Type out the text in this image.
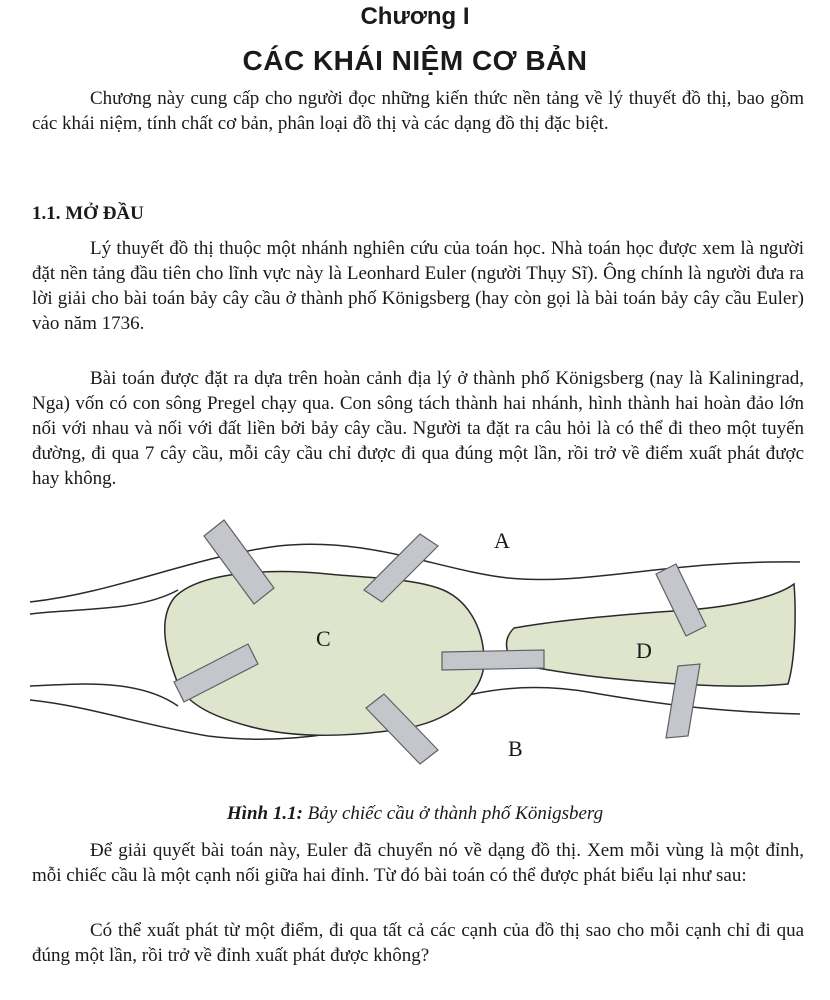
Chương I
CÁC KHÁI NIỆM CƠ BẢN

Chương này cung cấp cho người đọc những kiến thức nền tảng về lý thuyết đồ thị, bao gồm các khái niệm, tính chất cơ bản, phân loại đồ thị và các dạng đồ thị đặc biệt.

1.1. MỞ ĐẦU

Lý thuyết đồ thị thuộc một nhánh nghiên cứu của toán học. Nhà toán học được xem là người đặt nền tảng đầu tiên cho lĩnh vực này là Leonhard Euler (người Thụy Sĩ). Ông chính là người đưa ra lời giải cho bài toán bảy cây cầu ở thành phố Königsberg (hay còn gọi là bài toán bảy cây cầu Euler) vào năm 1736.

Bài toán được đặt ra dựa trên hoàn cảnh địa lý ở thành phố Königsberg (nay là Kaliningrad, Nga) vốn có con sông Pregel chạy qua. Con sông tách thành hai nhánh, hình thành hai hoàn đảo lớn nối với nhau và nối với đất liền bởi bảy cây cầu. Người ta đặt ra câu hỏi là có thể đi theo một tuyến đường, đi qua 7 cây cầu, mỗi cây cầu chỉ được đi qua đúng một lần, rồi trở về điểm xuất phát được hay không.

A
B
C	D
Hình 1.1: Bảy chiếc cầu ở thành phố Königsberg

Để giải quyết bài toán này, Euler đã chuyển nó về dạng đồ thị. Xem mỗi vùng là một đỉnh, mỗi chiếc cầu là một cạnh nối giữa hai đỉnh. Từ đó bài toán có thể được phát biểu lại như sau:

Có thể xuất phát từ một điểm, đi qua tất cả các cạnh của đồ thị sao cho mỗi cạnh chỉ đi qua đúng một lần, rồi trở về đỉnh xuất phát được không?
